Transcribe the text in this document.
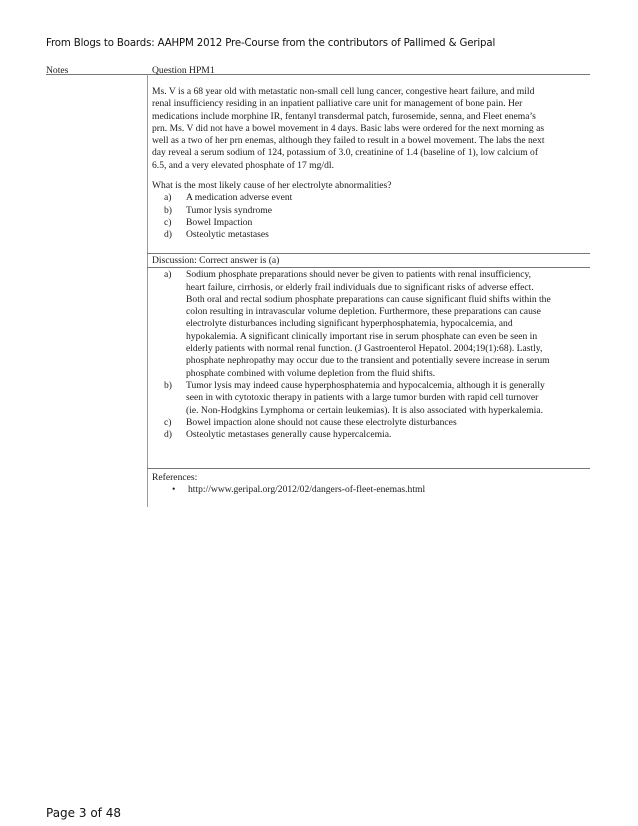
From Blogs to Boards: AAHPM 2012 Pre-Course from the contributors of Pallimed & Geripal
Notes	Question HPM1

Ms. V is a 68 year old with metastatic non-small cell lung cancer, congestive heart failure, and mild renal insufficiency residing in an inpatient palliative care unit for management of bone pain. Her medications include morphine IR, fentanyl transdermal patch, furosemide, senna, and Fleet enema’s prn. Ms. V did not have a bowel movement in 4 days. Basic labs were ordered for the next morning as well as a two of her prn enemas, although they failed to result in a bowel movement. The labs the next day reveal a serum sodium of 124, potassium of 3.0, creatinine of 1.4 (baseline of 1), low calcium of 6.5, and a very elevated phosphate of 17 mg/dl.

What is the most likely cause of her electrolyte abnormalities?

a)	A medication adverse event
b)	Tumor lysis syndrome
c)	Bowel Impaction
d)	Osteolytic metastases
Discussion: Correct answer is (a)
a)	Sodium phosphate preparations should never be given to patients with renal insufficiency, heart failure, cirrhosis, or elderly frail individuals due to significant risks of adverse effect. Both oral and rectal sodium phosphate preparations can cause significant fluid shifts within the colon resulting in intravascular volume depletion. Furthermore, these preparations can cause electrolyte disturbances including significant hyperphosphatemia, hypocalcemia, and hypokalemia. A significant clinically important rise in serum phosphate can even be seen in elderly patients with normal renal function. (J Gastroenterol Hepatol. 2004;19(1):68). Lastly, phosphate nephropathy may occur due to the transient and potentially severe increase in serum phosphate combined with volume depletion from the fluid shifts.
b)	Tumor lysis may indeed cause hyperphosphatemia and hypocalcemia, although it is generally seen in with cytotoxic therapy in patients with a large tumor burden with rapid cell turnover (ie. Non-Hodgkins Lymphoma or certain leukemias). It is also associated with hyperkalemia.
c)	Bowel impaction alone should not cause these electrolyte disturbances
d)	Osteolytic metastases generally cause hypercalcemia.
References:
•	http://www.geripal.org/2012/02/dangers-of-fleet-enemas.html
Page 3 of 48
